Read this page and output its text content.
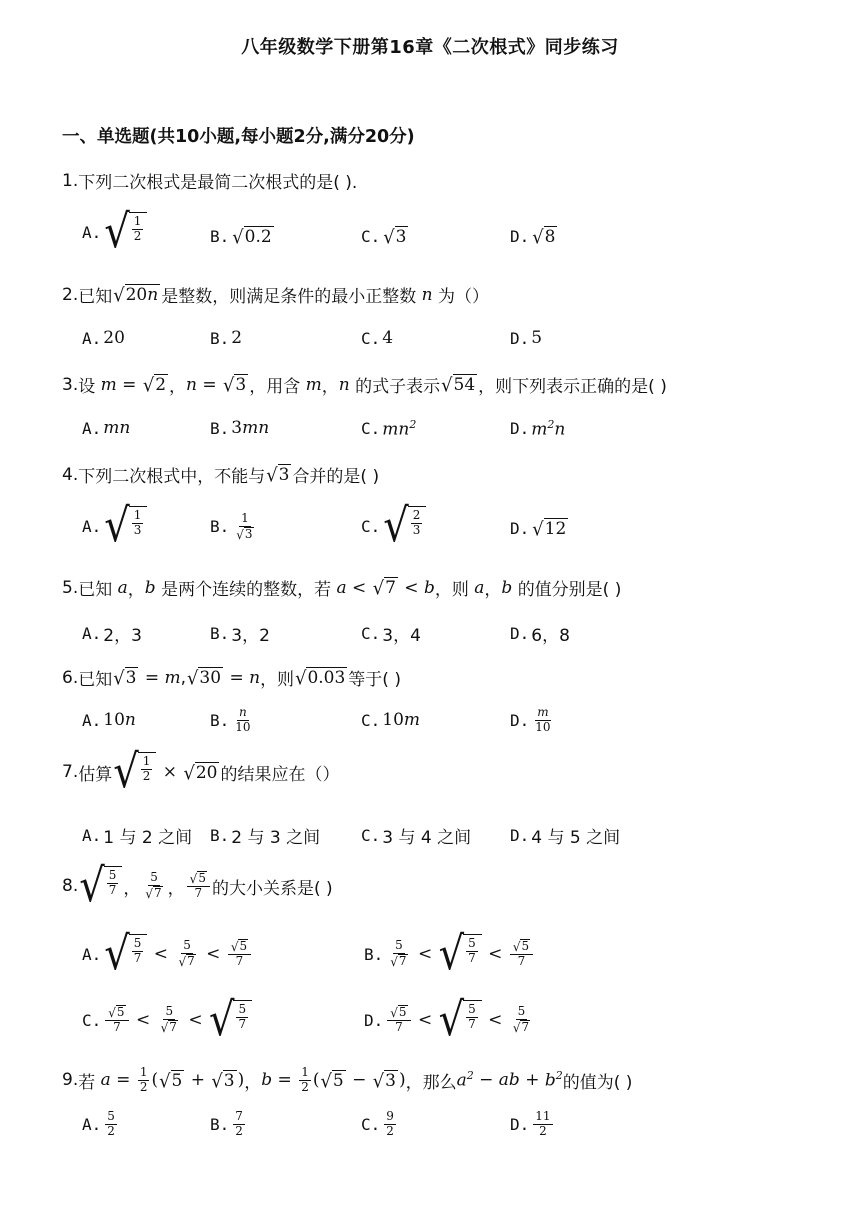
八年级数学下册第16章《二次根式》同步练习
一、单选题(共10小题,每小题2分,满分20分)
1. 下列二次根式是最简二次根式的是( ).
A. √ $\frac{1}{2}$	B. √ 0.2	C. √ 3	D. √ 8
2. 已知 √ 20n 是整数，则满足条件的最小正整数
n
为（）
A. 20	B. 2	C. 4	D. 5
3. 设
m = √ 2 ， n = √ 3 ，用含
m ， n
的式子表示 √ 54 ，则下列表示正确的是( )
A. mn	B. 3 mn	C. $mn^2$	D. $m^2n$
4. 下列二次根式中，不能与 √ 3 合并的是( )
A. √ $\frac{1}{3}$	B. $\frac{1}{√ 3}$	C. √ $\frac{2}{3}$	D. √ 12
5. 已知
a ， b
是两个连续的整数，若
a < √ 7 < b ，则
a ， b
的值分别是( )
A. 2，3	B. 3，2	C. 3，4	D. 6，8
6. 已知 √ 3 = m , √ 30 = n ，则 √ 0.03 等于( )
A. 10 n	B. $\frac{n}{10}$	C. 10 m	D. $\frac{m}{10}$
7. 估算 √ $\frac{1}{2}$ × √ 20 的结果应在（）
A. 1 与 2 之间 B. 2 与 3 之间	C. 3 与 4 之间 D. 4 与 5 之间
8. √ $\frac{5}{7}$ ， $\frac{5}{√ 7}$ ， $\frac{√ 5}{7}$ 的大小关系是( )
A. √ $\frac{5}{7} < \frac{5}{√ 7} < \frac{√ 5}{7}$	B. $\frac{5}{√ 7}$ < √ $\frac{5}{7} < \frac{√ 5}{7}$
C. $\frac{√ 5}{7} < \frac{5}{√ 7}$ < √ $\frac{5}{7}$	D. $\frac{√ 5}{7}$ < √ $\frac{5}{7} < \frac{5}{√ 7}$
9. 若
$a = \frac{1}{2}$ ( √ 5 + √ 3 ) ， $b = \frac{1}{2}$ ( √ 5 − √ 3 ) ，那么 $a^2$ − ab + $b^2$ 的值为( )
A. $\frac{5}{2}$	B. $\frac{7}{2}$	C. $\frac{9}{2}$	D. $\frac{11}{2}$
